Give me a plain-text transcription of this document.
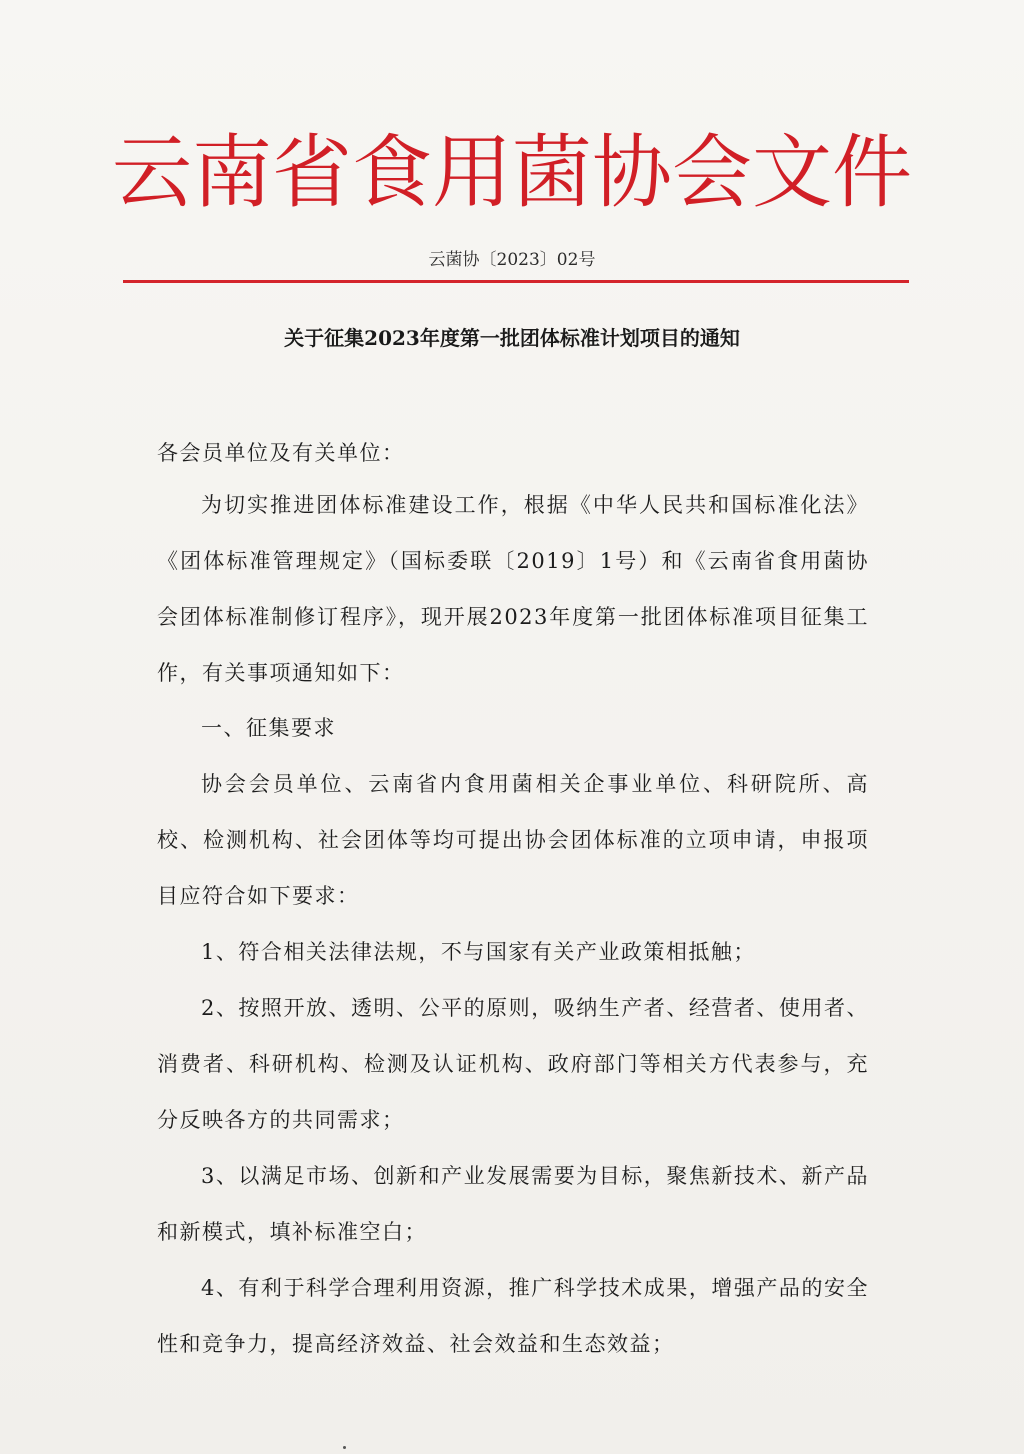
云南省食用菌协会文件
云菌协〔2023〕02号
关于征集2023年度第一批团体标准计划项目的通知
各会员单位及有关单位：
为切实推进团体标准建设工作，根据《中华人民共和国标准化法》《团体标准管理规定》（国标委联〔2019〕1号）和《云南省食用菌协会团体标准制修订程序》，现开展2023年度第一批团体标准项目征集工作，有关事项通知如下：
一、征集要求
协会会员单位、云南省内食用菌相关企事业单位、科研院所、高校、检测机构、社会团体等均可提出协会团体标准的立项申请，申报项目应符合如下要求：

1、符合相关法律法规，不与国家有关产业政策相抵触；

2、按照开放、透明、公平的原则，吸纳生产者、经营者、使用者、消费者、科研机构、检测及认证机构、政府部门等相关方代表参与，充分反映各方的共同需求；

3、以满足市场、创新和产业发展需要为目标，聚焦新技术、新产品和新模式，填补标准空白；

4、有利于科学合理利用资源，推广科学技术成果，增强产品的安全性和竞争力，提高经济效益、社会效益和生态效益；
